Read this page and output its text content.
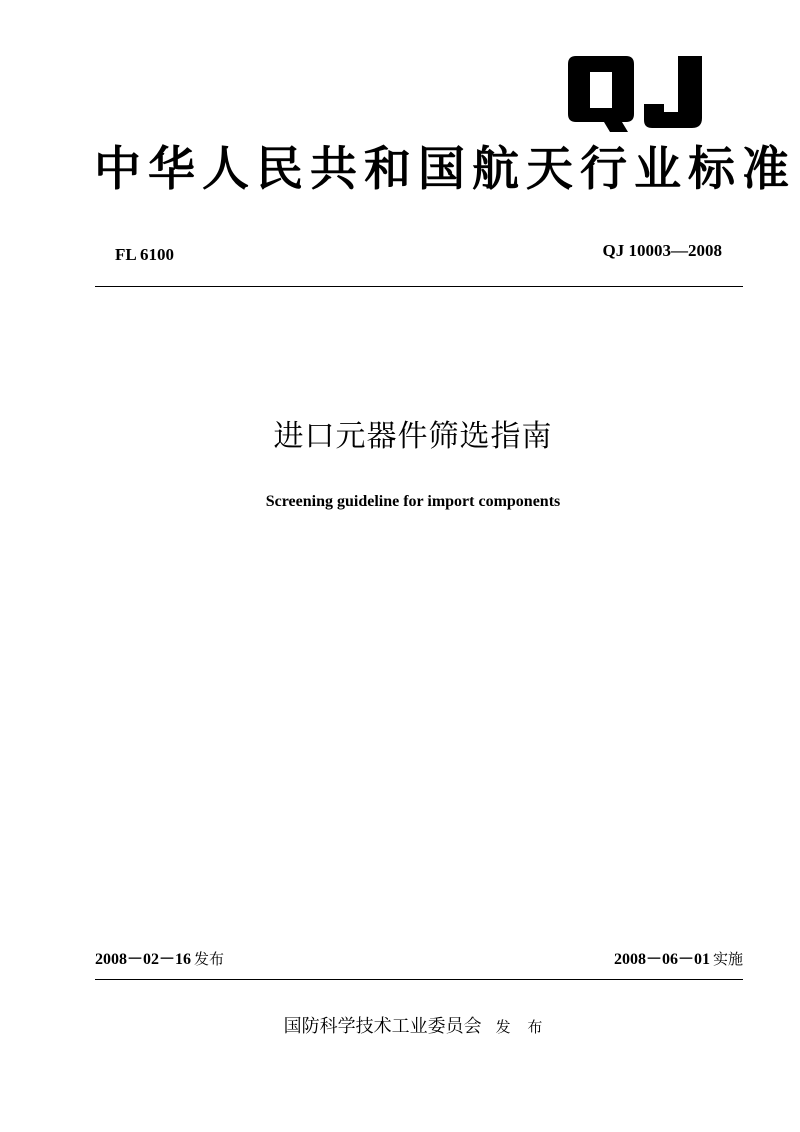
中华人民共和国航天行业标准
FL 6100	QJ 10003—2008
进口元器件筛选指南
Screening guideline for import components
2008－02－16 发布	2008－06－01 实施
国防科学技术工业委员会 发 布
